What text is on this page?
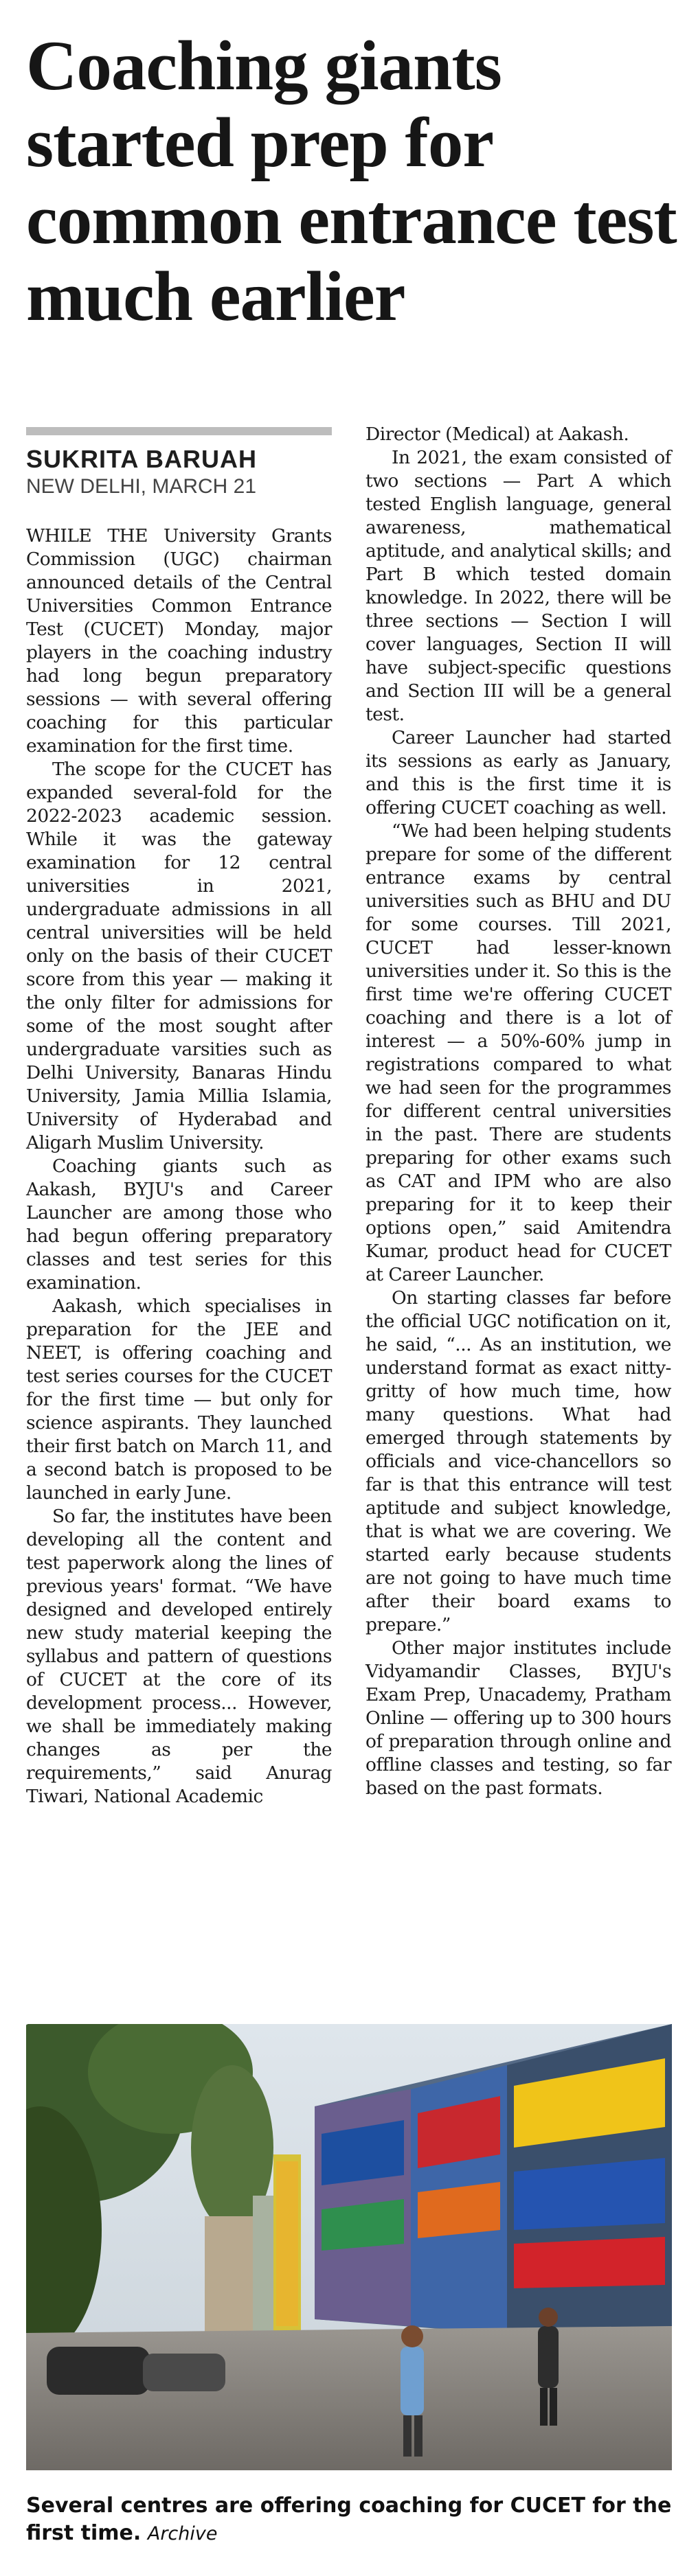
Coaching giants started prep for common entrance test much earlier
SUKRITA BARUAH
NEW DELHI, MARCH 21

WHILE THE University Grants Commission (UGC) chairman announced details of the Central Universities Common Entrance Test (CUCET) Monday, major players in the coaching industry had long begun preparatory sessions — with several offering coaching for this particular examination for the first time.

The scope for the CUCET has expanded several-fold for the 2022-2023 academic session. While it was the gateway examination for 12 central universities in 2021, undergraduate admissions in all central universities will be held only on the basis of their CUCET score from this year — making it the only filter for admissions for some of the most sought after undergraduate varsities such as Delhi University, Banaras Hindu University, Jamia Millia Islamia, University of Hyderabad and Aligarh Muslim University.

Coaching giants such as Aakash, BYJU's and Career Launcher are among those who had begun offering preparatory classes and test series for this examination.

Aakash, which specialises in preparation for the JEE and NEET, is offering coaching and test series courses for the CUCET for the first time — but only for science aspirants. They launched their first batch on March 11, and a second batch is proposed to be launched in early June.

So far, the institutes have been developing all the content and test paperwork along the lines of previous years' format. “We have designed and developed entirely new study material keeping the syllabus and pattern of questions of CUCET at the core of its development process... However, we shall be immediately making changes as per the requirements,” said Anurag Tiwari, National Academic

Director (Medical) at Aakash.

In 2021, the exam consisted of two sections — Part A which tested English language, general awareness, mathematical aptitude, and analytical skills; and Part B which tested domain knowledge. In 2022, there will be three sections — Section I will cover languages, Section II will have subject-specific questions and Section III will be a general test.

Career Launcher had started its sessions as early as January, and this is the first time it is offering CUCET coaching as well.

“We had been helping students prepare for some of the different entrance exams by central universities such as BHU and DU for some courses. Till 2021, CUCET had lesser-known universities under it. So this is the first time we're offering CUCET coaching and there is a lot of interest — a 50%-60% jump in registrations compared to what we had seen for the programmes for different central universities in the past. There are students preparing for other exams such as CAT and IPM who are also preparing for it to keep their options open,” said Amitendra Kumar, product head for CUCET at Career Launcher.

On starting classes far before the official UGC notification on it, he said, “... As an institution, we understand format as exact nitty-gritty of how much time, how many questions. What had emerged through statements by officials and vice-chancellors so far is that this entrance will test aptitude and subject knowledge, that is what we are covering. We started early because students are not going to have much time after their board exams to prepare.”

Other major institutes include Vidyamandir Classes, BYJU's Exam Prep, Unacademy, Pratham Online — offering up to 300 hours of preparation through online and offline classes and testing, so far based on the past formats.

Several centres are offering coaching for CUCET for the first time. Archive
